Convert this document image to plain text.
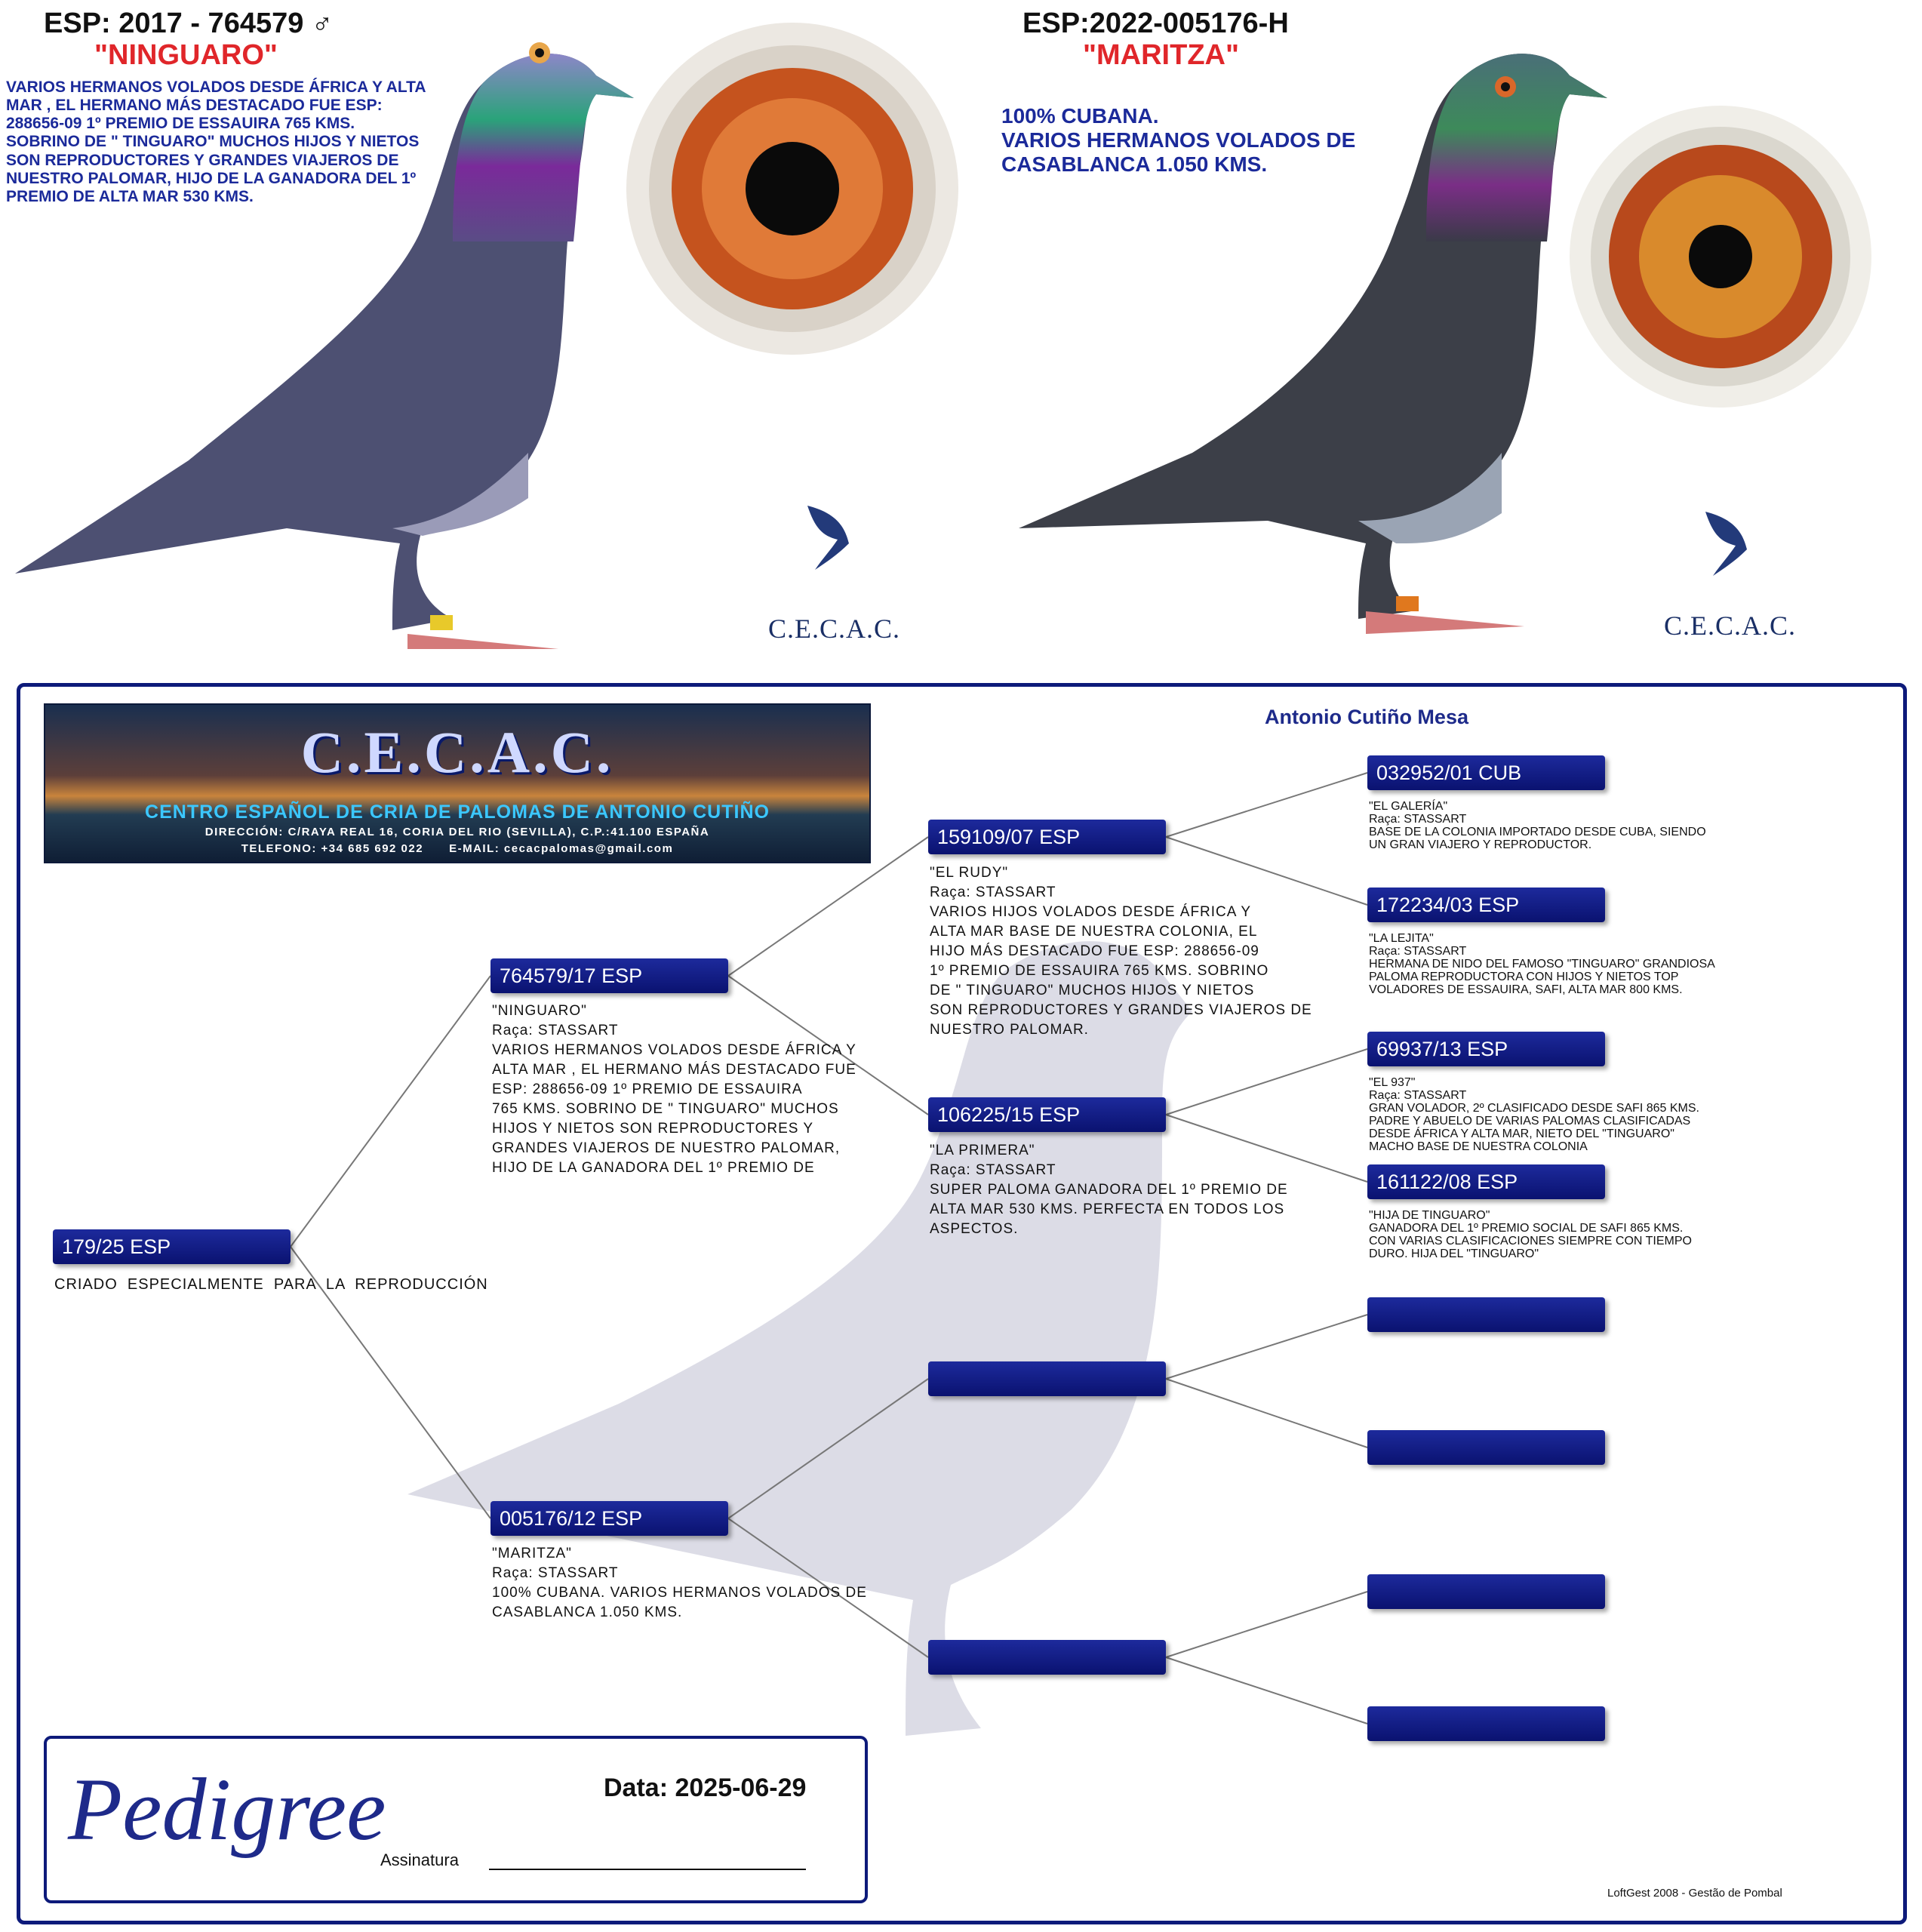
ESP: 2017 - 764579 ♂
"NINGUARO"
VARIOS HERMANOS VOLADOS DESDE ÁFRICA Y ALTA MAR , EL HERMANO MÁS DESTACADO FUE ESP: 288656-09 1º PREMIO DE ESSAUIRA 765 KMS. SOBRINO DE " TINGUARO" MUCHOS HIJOS Y NIETOS SON REPRODUCTORES Y GRANDES VIAJEROS DE NUESTRO PALOMAR, HIJO DE LA GANADORA DEL 1º PREMIO DE ALTA MAR 530 KMS.
C.E.C.A.C.
ESP:2022-005176-H
"MARITZA"
100% CUBANA.
VARIOS HERMANOS VOLADOS DE CASABLANCA 1.050 KMS.
C.E.C.A.C.
C.E.C.A.C.
CENTRO ESPAÑOL DE CRIA DE PALOMAS DE ANTONIO CUTIÑO
DIRECCIÓN: C/RAYA REAL 16, CORIA DEL RIO (SEVILLA), C.P.:41.100 ESPAÑA
TELEFONO: +34 685 692 022      E-MAIL: cecacpalomas@gmail.com
Antonio Cutiño Mesa
179/25 ESP
CRIADO  ESPECIALMENTE  PARA  LA  REPRODUCCIÓN
764579/17 ESP
"NINGUARO"
Raça: STASSART
VARIOS HERMANOS VOLADOS DESDE ÁFRICA Y
ALTA MAR , EL HERMANO MÁS DESTACADO FUE
ESP: 288656-09 1º PREMIO DE ESSAUIRA
765 KMS. SOBRINO DE " TINGUARO" MUCHOS
HIJOS Y NIETOS SON REPRODUCTORES Y
GRANDES VIAJEROS DE NUESTRO PALOMAR,
HIJO DE LA GANADORA DEL 1º PREMIO DE
005176/12 ESP
"MARITZA"
Raça: STASSART
100% CUBANA. VARIOS HERMANOS VOLADOS DE
CASABLANCA 1.050 KMS.
159109/07 ESP
"EL RUDY"
Raça: STASSART
VARIOS HIJOS VOLADOS DESDE ÁFRICA Y
ALTA MAR BASE DE NUESTRA COLONIA, EL
HIJO MÁS DESTACADO FUE ESP: 288656-09
1º PREMIO DE ESSAUIRA 765 KMS. SOBRINO
DE " TINGUARO" MUCHOS HIJOS Y NIETOS
SON REPRODUCTORES Y GRANDES VIAJEROS DE
NUESTRO PALOMAR.
106225/15 ESP
"LA PRIMERA"
Raça: STASSART
SUPER PALOMA GANADORA DEL 1º PREMIO DE
ALTA MAR 530 KMS. PERFECTA EN TODOS LOS
ASPECTOS.
032952/01 CUB
"EL GALERÍA"
Raça: STASSART
BASE DE LA COLONIA IMPORTADO DESDE CUBA, SIENDO
UN GRAN VIAJERO Y REPRODUCTOR.
172234/03 ESP
"LA LEJITA"
Raça: STASSART
HERMANA DE NIDO DEL FAMOSO "TINGUARO" GRANDIOSA
PALOMA REPRODUCTORA CON HIJOS Y NIETOS TOP
VOLADORES DE ESSAUIRA, SAFI, ALTA MAR 800 KMS.
69937/13 ESP
"EL 937"
Raça: STASSART
GRAN VOLADOR, 2º CLASIFICADO DESDE SAFI 865 KMS.
PADRE Y ABUELO DE VARIAS PALOMAS CLASIFICADAS
DESDE ÁFRICA Y ALTA MAR, NIETO DEL "TINGUARO"
MACHO BASE DE NUESTRA COLONIA
161122/08 ESP
"HIJA DE TINGUARO"
GANADORA DEL 1º PREMIO SOCIAL DE SAFI 865 KMS.
CON VARIAS CLASIFICACIONES SIEMPRE CON TIEMPO
DURO. HIJA DEL "TINGUARO"
Pedigree	Data: 2025-06-29
Assinatura
LoftGest 2008 - Gestão de Pombal
